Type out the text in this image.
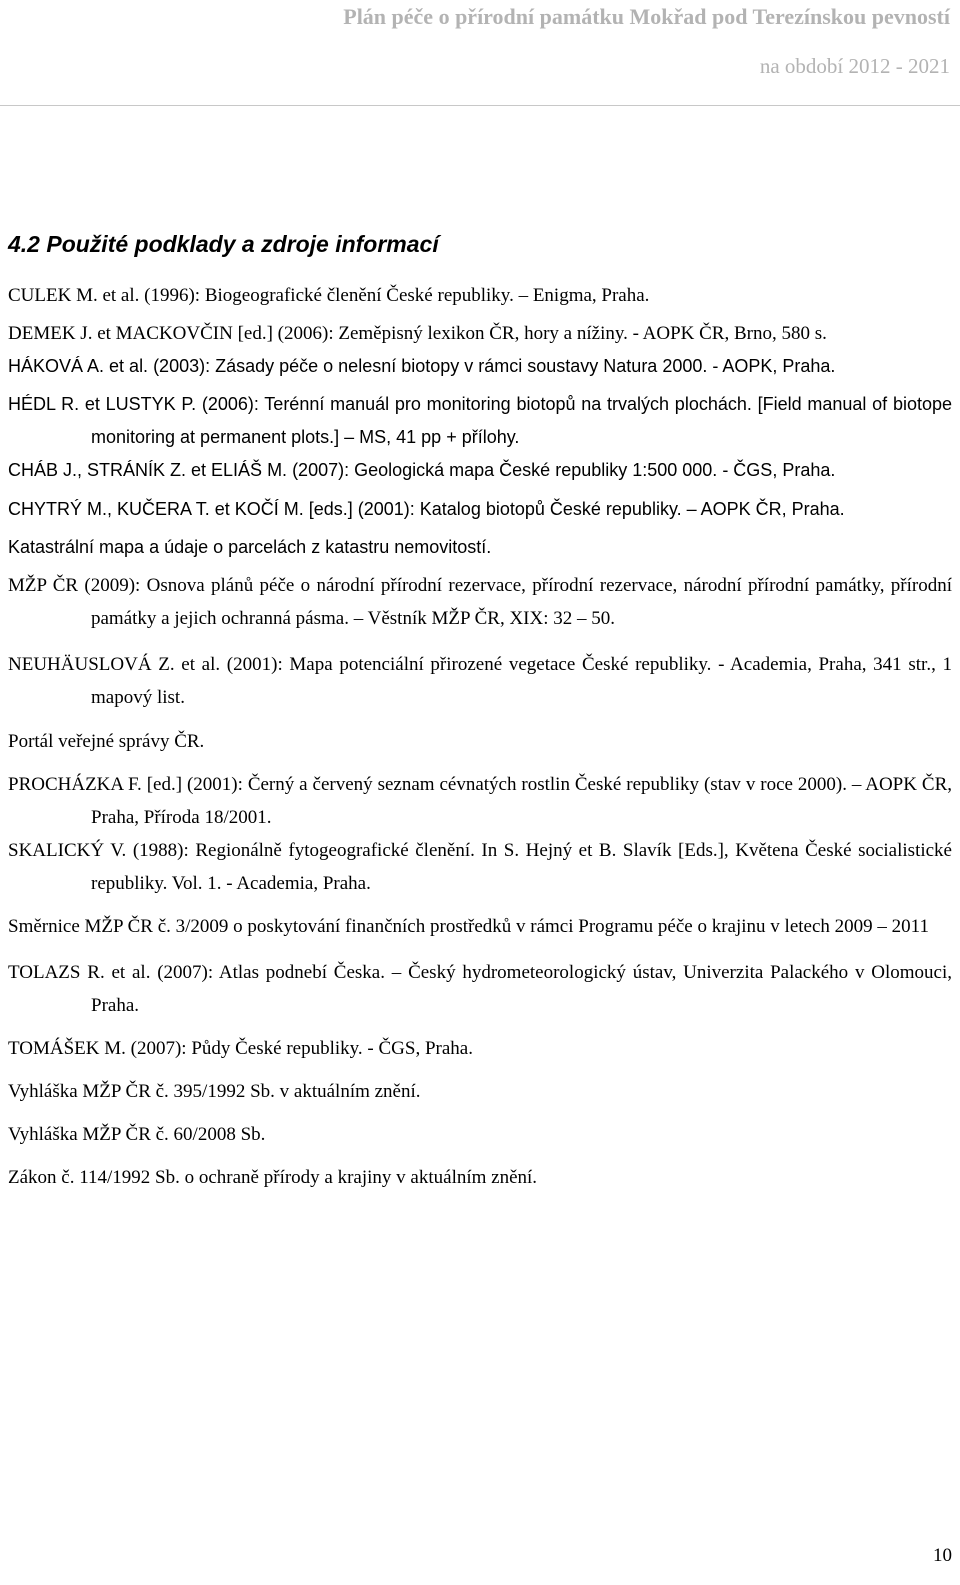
Plán péče o přírodní památku Mokřad pod Terezínskou pevností
na období 2012 - 2021
4.2 Použité podklady a zdroje informací

CULEK M. et al. (1996): Biogeografické členění České republiky. – Enigma, Praha.

DEMEK J. et MACKOVČIN [ed.] (2006): Zeměpisný lexikon ČR, hory a nížiny. - AOPK ČR, Brno, 580 s.

HÁKOVÁ A. et al. (2003): Zásady péče o nelesní biotopy v rámci soustavy Natura 2000. - AOPK, Praha.

HÉDL R. et LUSTYK P. (2006): Terénní manuál pro monitoring biotopů na trvalých plochách. [Field manual of biotope monitoring at permanent plots.] – MS, 41 pp + přílohy.

CHÁB J., STRÁNÍK Z. et ELIÁŠ M. (2007): Geologická mapa České republiky 1:500 000. - ČGS, Praha.

CHYTRÝ M., KUČERA T. et KOČÍ M. [eds.] (2001): Katalog biotopů České republiky. – AOPK ČR, Praha.

Katastrální mapa a údaje o parcelách z katastru nemovitostí.

MŽP ČR (2009): Osnova plánů péče o národní přírodní rezervace, přírodní rezervace, národní přírodní památky, přírodní památky a jejich ochranná pásma. – Věstník MŽP ČR, XIX: 32 – 50.

NEUHÄUSLOVÁ Z. et al. (2001): Mapa potenciální přirozené vegetace České republiky. - Academia, Praha, 341 str., 1 mapový list.

Portál veřejné správy ČR.

PROCHÁZKA F. [ed.] (2001): Černý a červený seznam cévnatých rostlin České republiky (stav v roce 2000). – AOPK ČR, Praha, Příroda 18/2001.

SKALICKÝ V. (1988): Regionálně fytogeografické členění. In S. Hejný et B. Slavík [Eds.], Květena České socialistické republiky. Vol. 1. - Academia, Praha.

Směrnice MŽP ČR č. 3/2009 o poskytování finančních prostředků v rámci Programu péče o krajinu v letech 2009 – 2011

TOLAZS R. et al. (2007): Atlas podnebí Česka. – Český hydrometeorologický ústav, Univerzita Palackého v Olomouci, Praha.

TOMÁŠEK M. (2007): Půdy České republiky. - ČGS, Praha.

Vyhláška MŽP ČR č. 395/1992 Sb. v aktuálním znění.

Vyhláška MŽP ČR č. 60/2008 Sb.

Zákon č. 114/1992 Sb. o ochraně přírody a krajiny v aktuálním znění.

10
